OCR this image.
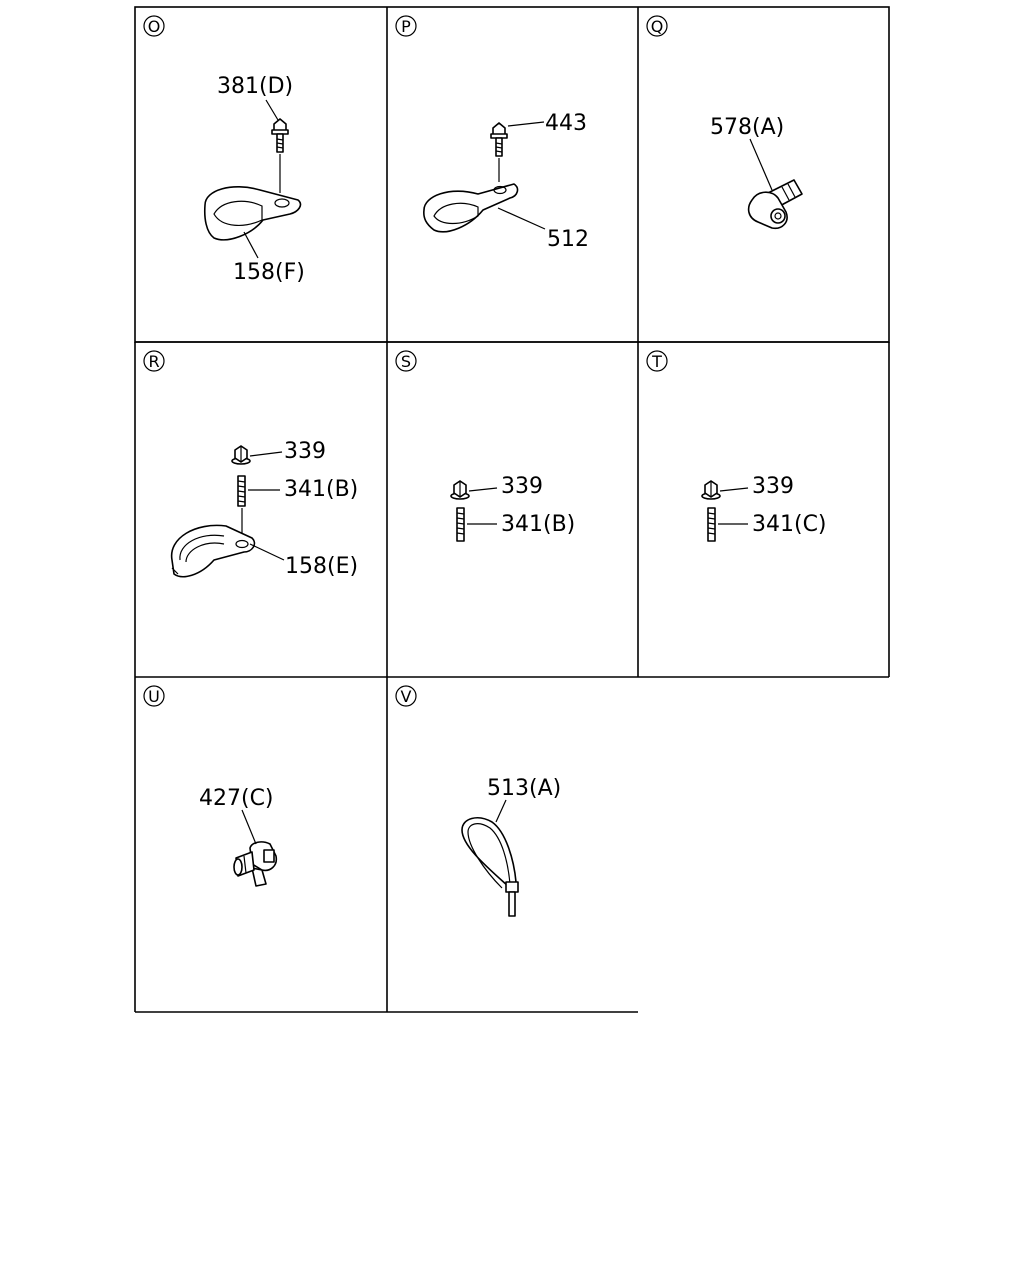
O
381(D)
158(F)
P
443
512
Q
578(A)
R
339
341(B)
158(E)
S
339
341(B)
T
339
341(C)
U
427(C)
V
513(A)
